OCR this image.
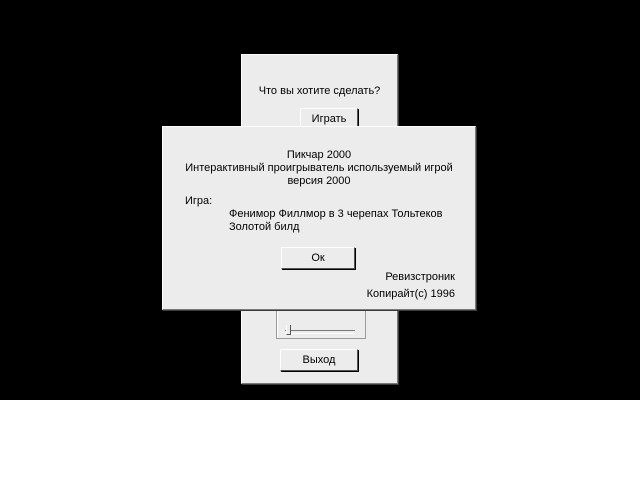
Что вы хотите сделать?
Играть
Выход
Пикчар 2000
Интерактивный проигрыватель используемый игрой
версия 2000
Игра:
Фенимор Филлмор в 3 черепах Тольтеков
Золотой билд
Ок
Ревизстроник
Копирайт(c) 1996
